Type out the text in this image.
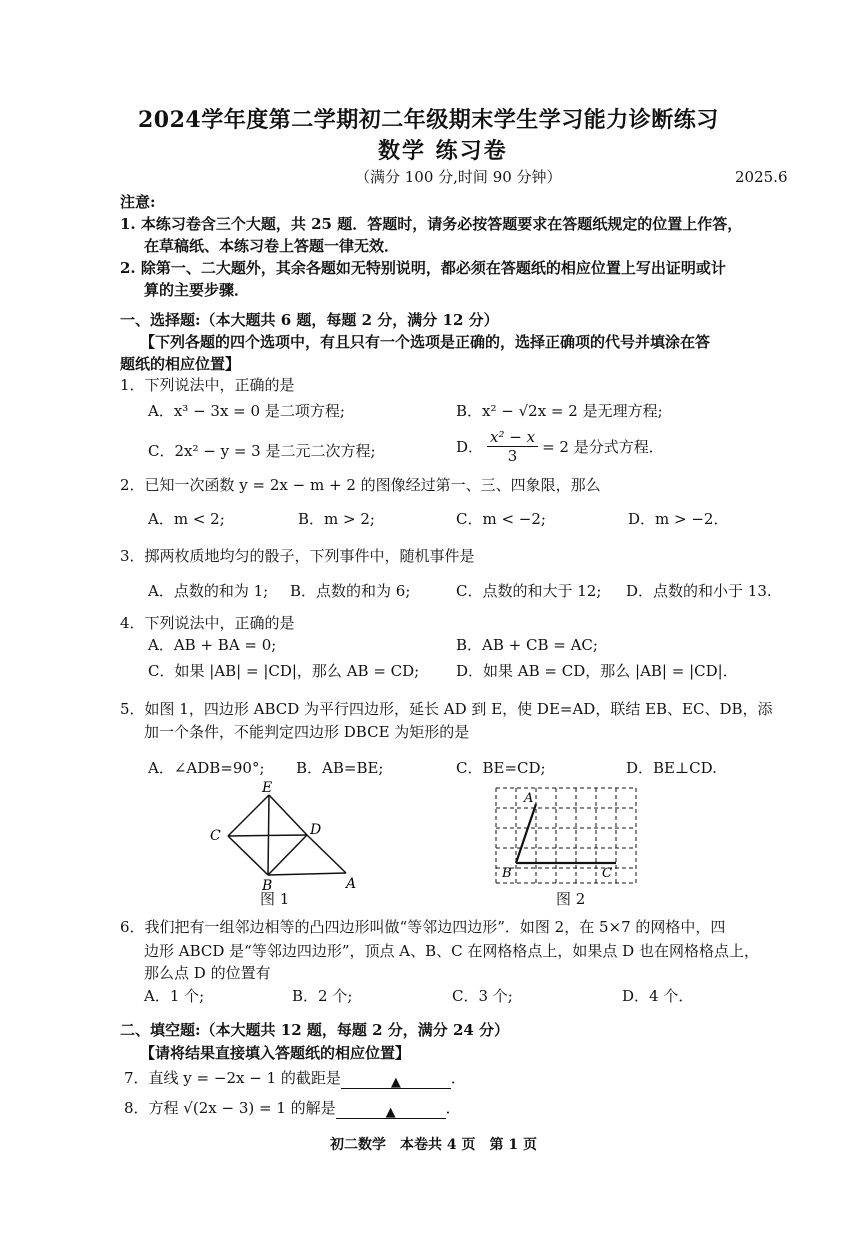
2024学年度第二学期初二年级期末学生学习能力诊断练习
数学 练习卷
（满分 100 分,时间 90 分钟）	2025.6
注意:
1. 本练习卷含三个大题，共 25 题．答题时，请务必按答题要求在答题纸规定的位置上作答，
在草稿纸、本练习卷上答题一律无效．
2. 除第一、二大题外，其余各题如无特别说明，都必须在答题纸的相应位置上写出证明或计
算的主要步骤．
一、选择题:（本大题共 6 题，每题 2 分，满分 12 分）
【下列各题的四个选项中，有且只有一个选项是正确的，选择正确项的代号并填涂在答
题纸的相应位置】
1．下列说法中，正确的是
A．x³ − 3x = 0 是二项方程;	B．x² − √2x = 2 是无理方程;
C．2x² − y = 3 是二元二次方程;	D． $\frac{\text{x² − x}}{3} = 2$ 是分式方程．
2．已知一次函数 y = 2x − m + 2 的图像经过第一、三、四象限，那么
A．m < 2;	B．m > 2;	C．m < −2;	D．m > −2．
3．掷两枚质地均匀的骰子，下列事件中，随机事件是
A．点数的和为 1; B．点数的和为 6;	C．点数的和大于 12; D．点数的和小于 13.
4．下列说法中，正确的是
A．AB + BA = 0;	B．AB + CB = AC;
C．如果 |AB| = |CD|，那么 AB = CD; D．如果 AB = CD，那么 |AB| = |CD|．
5．如图 1，四边形 ABCD 为平行四边形，延长 AD 到 E，使 DE=AD，联结 EB、EC、DB，添
加一个条件，不能判定四边形 DBCE 为矩形的是
A．∠ADB=90°; B．AB=BE;	C．BE=CD;	D．BE⊥CD.
E
C	D
B	A
图 1
A
B	C
图 2
6．我们把有一组邻边相等的凸四边形叫做“等邻边四边形”．如图 2，在 5×7 的网格中，四
边形 ABCD 是“等邻边四边形”，顶点 A、B、C 在网格格点上，如果点 D 也在网格格点上，
那么点 D 的位置有
A．1 个;	B．2 个;	C．3 个;	D．4 个．
二、填空题:（本大题共 12 题，每题 2 分，满分 24 分）
【请将结果直接填入答题纸的相应位置】
7．直线 y = −2x − 1 的截距是	▲	．
8．方程 √(2x − 3) = 1 的解是	▲	．
初二数学　本卷共 4 页　第 1 页
